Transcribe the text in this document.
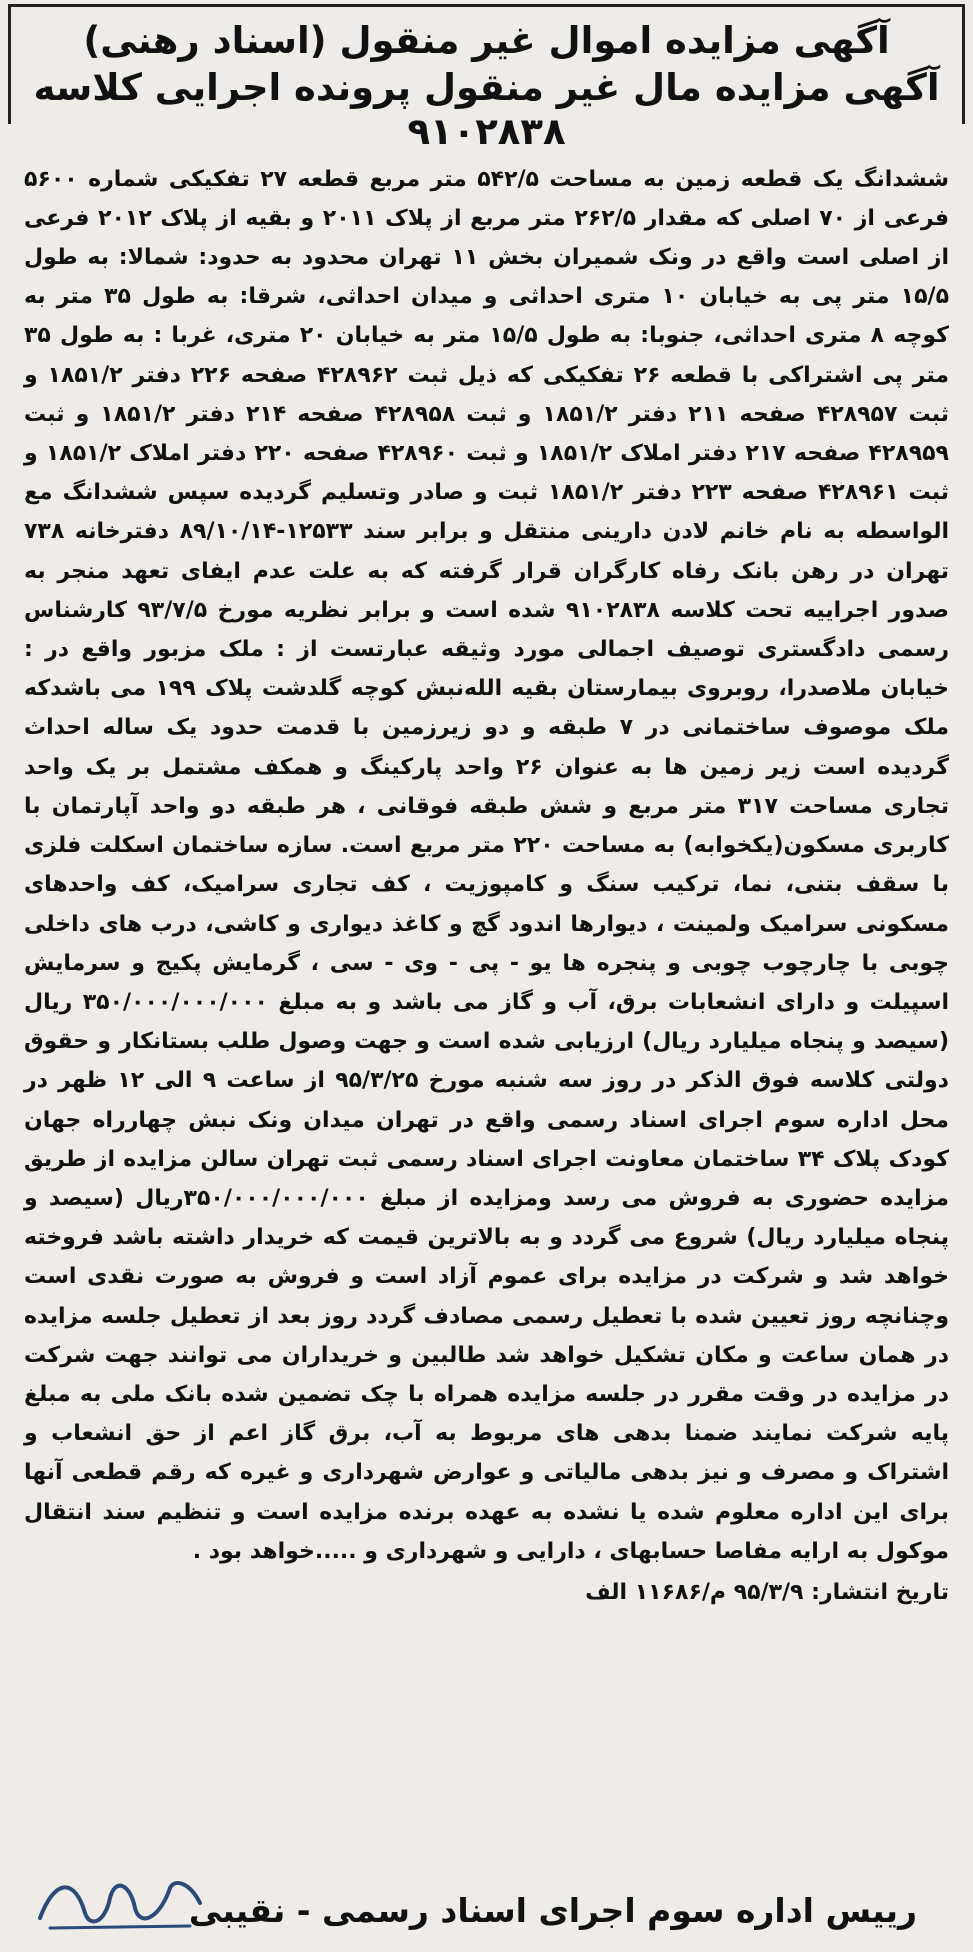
آگهی مزایده اموال غیر منقول (اسناد رهنی)
آگهی مزایده مال غیر منقول پرونده اجرایی کلاسه
۹۱۰۲۸۳۸
ششدانگ یک قطعه زمین به مساحت ۵۴۲/۵ متر مربع قطعه ۲۷ تفکیکی شماره ۵۶۰۰ فرعی از ۷۰ اصلی که مقدار ۲۶۲/۵ متر مربع از پلاک ۲۰۱۱ و بقیه از پلاک ۲۰۱۲ فرعی از اصلی است واقع در ونک شمیران بخش ۱۱ تهران محدود به حدود: شمالا: به طول ۱۵/۵ متر پی به خیابان ۱۰ متری احداثی و میدان احداثی، شرقا: به طول ۳۵ متر به کوچه ۸ متری احداثی، جنوبا: به طول ۱۵/۵ متر به خیابان ۲۰ متری، غربا : به طول ۳۵ متر پی اشتراکی با قطعه ۲۶ تفکیکی که ذیل ثبت ۴۲۸۹۶۲ صفحه ۲۲۶ دفتر ۱۸۵۱/۲ و ثبت ۴۲۸۹۵۷ صفحه ۲۱۱ دفتر ۱۸۵۱/۲ و ثبت ۴۲۸۹۵۸ صفحه ۲۱۴ دفتر ۱۸۵۱/۲ و ثبت ۴۲۸۹۵۹ صفحه ۲۱۷ دفتر املاک ۱۸۵۱/۲ و ثبت ۴۲۸۹۶۰ صفحه ۲۲۰ دفتر املاک ۱۸۵۱/۲ و ثبت ۴۲۸۹۶۱ صفحه ۲۲۳ دفتر ۱۸۵۱/۲ ثبت و صادر وتسلیم گردیده سپس ششدانگ مع الواسطه به نام خانم لادن دارینی منتقل و برابر سند ۱۲۵۳۳-۸۹/۱۰/۱۴ دفترخانه ۷۳۸ تهران در رهن بانک رفاه کارگران قرار گرفته که به علت عدم ایفای تعهد منجر به صدور اجراییه تحت کلاسه ۹۱۰۲۸۳۸ شده است و برابر نظریه مورخ ۹۳/۷/۵ کارشناس رسمی دادگستری توصیف اجمالی مورد وثیقه عبارتست از : ملک مزبور واقع در : خیابان ملاصدرا، روبروی بیمارستان بقیه الله‌نبش کوچه گلدشت پلاک ۱۹۹ می باشدکه ملک موصوف ساختمانی در ۷ طبقه و دو زیرزمین با قدمت حدود یک ساله احداث گردیده است زیر زمین ها به عنوان ۲۶ واحد پارکینگ و همکف مشتمل بر یک واحد تجاری مساحت ۳۱۷ متر مربع و شش طبقه فوقانی ، هر طبقه دو واحد آپارتمان با کاربری مسکون(یکخوابه) به مساحت ۲۲۰ متر مربع است. سازه ساختمان اسکلت فلزی با سقف بتنی، نما، ترکیب سنگ و کامپوزیت ، کف تجاری سرامیک، کف واحدهای مسکونی سرامیک ولمینت ، دیوارها اندود گچ و کاغذ دیواری و کاشی، درب های داخلی چوبی با چارچوب چوبی و پنجره ها یو - پی - وی - سی ، گرمایش پکیج و سرمایش اسپیلت و دارای انشعابات برق، آب و گاز می باشد و به مبلغ ۳۵۰/۰۰۰/۰۰۰/۰۰۰ ریال (سیصد و پنجاه میلیارد ریال) ارزیابی شده است و جهت وصول طلب بستانکار و حقوق دولتی کلاسه فوق الذکر در روز سه شنبه مورخ ۹۵/۳/۲۵ از ساعت ۹ الی ۱۲ ظهر در محل اداره سوم اجرای اسناد رسمی واقع در تهران میدان ونک نبش چهارراه جهان کودک پلاک ۳۴ ساختمان معاونت اجرای اسناد رسمی ثبت تهران سالن مزایده از طریق مزایده حضوری به فروش می رسد ومزایده از مبلغ ۳۵۰/۰۰۰/۰۰۰/۰۰۰ریال (سیصد و پنجاه میلیارد ریال) شروع می گردد و به بالاترین قیمت که خریدار داشته باشد فروخته خواهد شد و شرکت در مزایده برای عموم آزاد است و فروش به صورت نقدی است وچنانچه روز تعیین شده با تعطیل رسمی مصادف گردد روز بعد از تعطیل جلسه مزایده در همان ساعت و مکان تشکیل خواهد شد طالبین و خریداران می توانند جهت شرکت در مزایده در وقت مقرر در جلسه مزایده همراه با چک تضمین شده بانک ملی به مبلغ پایه شرکت نمایند ضمنا بدهی های مربوط به آب، برق گاز اعم از حق انشعاب و اشتراک و مصرف و نیز بدهی مالیاتی و عوارض شهرداری و غیره که رقم قطعی آنها برای این اداره معلوم شده یا نشده به عهده برنده مزایده است و تنظیم سند انتقال موکول به ارایه مفاصا حسابهای ، دارایی و شهرداری و .....خواهد بود .
تاریخ انتشار: ۹۵/۳/۹ م/۱۱۶۸۶ الف
رییس اداره سوم اجرای اسناد رسمی - نقیبی
